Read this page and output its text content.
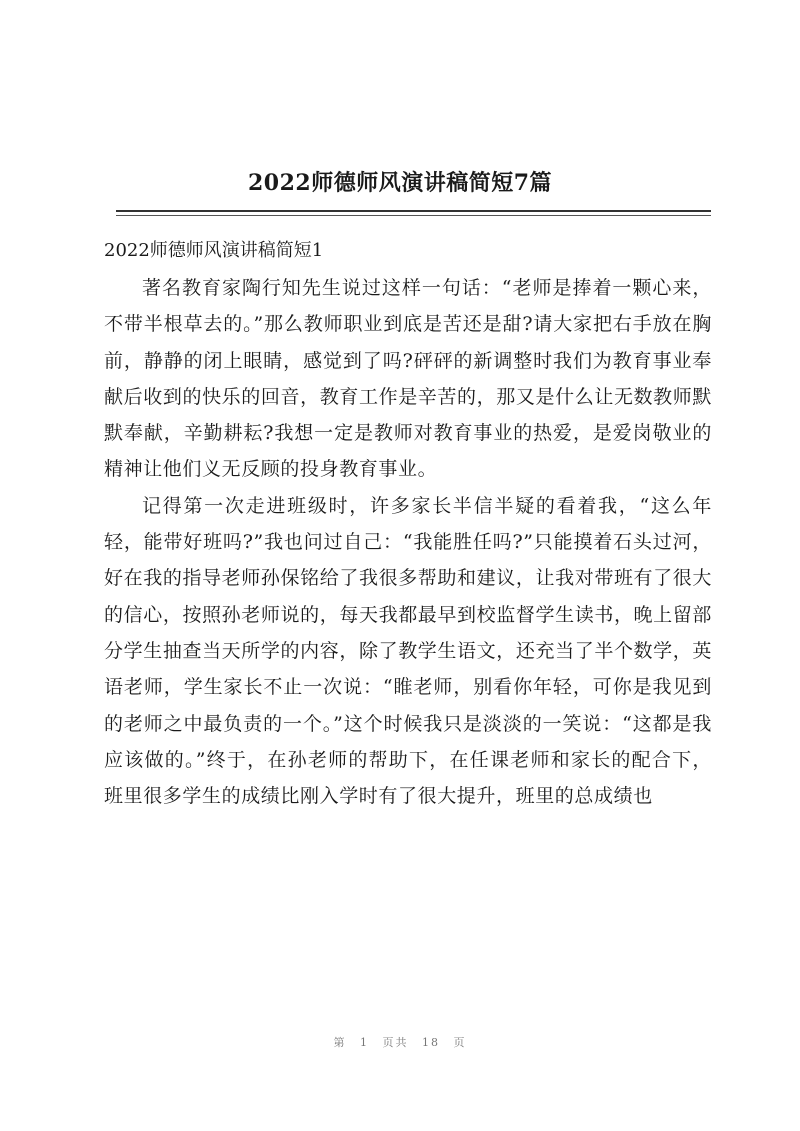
2022师德师风演讲稿简短7篇
2022师德师风演讲稿简短1

著名教育家陶行知先生说过这样一句话：“老师是捧着一颗心来，不带半根草去的。”那么教师职业到底是苦还是甜?请大家把右手放在胸前，静静的闭上眼睛，感觉到了吗?砰砰的新调整时我们为教育事业奉献后收到的快乐的回音，教育工作是辛苦的，那又是什么让无数教师默默奉献，辛勤耕耘?我想一定是教师对教育事业的热爱，是爱岗敬业的精神让他们义无反顾的投身教育事业。

记得第一次走进班级时，许多家长半信半疑的看着我，“这么年轻，能带好班吗?”我也问过自己：“我能胜任吗?”只能摸着石头过河，好在我的指导老师孙保铭给了我很多帮助和建议，让我对带班有了很大的信心，按照孙老师说的，每天我都最早到校监督学生读书，晚上留部分学生抽查当天所学的内容，除了教学生语文，还充当了半个数学，英语老师，学生家长不止一次说：“睢老师，别看你年轻，可你是我见到的老师之中最负责的一个。”这个时候我只是淡淡的一笑说：“这都是我应该做的。”终于，在孙老师的帮助下，在任课老师和家长的配合下，班里很多学生的成绩比刚入学时有了很大提升，班里的总成绩也

第 1 页共 18 页
